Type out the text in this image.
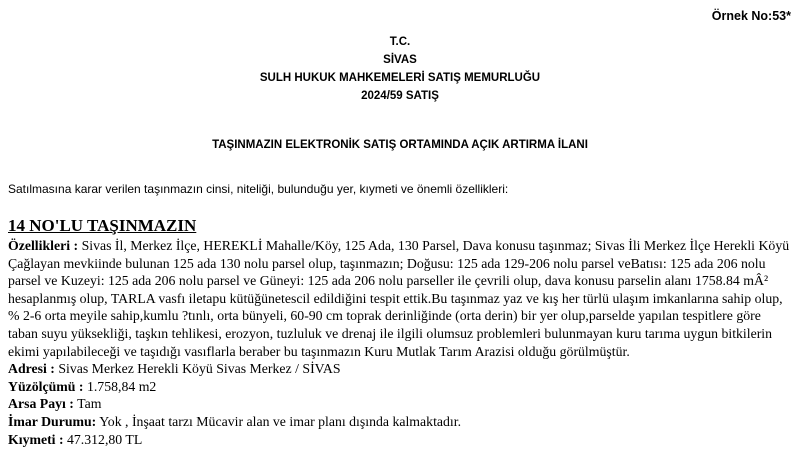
Örnek No:53*
T.C.
SİVAS
SULH HUKUK MAHKEMELERİ SATIŞ MEMURLUĞU
2024/59 SATIŞ
TAŞINMAZIN ELEKTRONİK SATIŞ ORTAMINDA AÇIK ARTIRMA İLANI
Satılmasına karar verilen taşınmazın cinsi, niteliği, bulunduğu yer, kıymeti ve önemli özellikleri:
14 NO'LU TAŞINMAZIN
Özellikleri : Sivas İl, Merkez İlçe, HEREKLİ Mahalle/Köy, 125 Ada, 130 Parsel, Dava konusu taşınmaz; Sivas İli Merkez İlçe Herekli Köyü Çağlayan mevkiinde bulunan 125 ada 130 nolu parsel olup, taşınmazın; Doğusu: 125 ada 129-206 nolu parsel veBatısı: 125 ada 206 nolu parsel ve Kuzeyi: 125 ada 206 nolu parsel ve Güneyi: 125 ada 206 nolu parseller ile çevrili olup, dava konusu parselin alanı 1758.84 mÂ² hesaplanmış olup, TARLA vasfı iletapu kütüğünetescil edildiğini tespit ettik.Bu taşınmaz yaz ve kış her türlü ulaşım imkanlarına sahip olup, % 2-6 orta meyile sahip,kumlu ?tınlı, orta bünyeli, 60-90 cm toprak derinliğinde (orta derin) bir yer olup,parselde yapılan tespitlere göre taban suyu yüksekliği, taşkın tehlikesi, erozyon, tuzluluk ve drenaj ile ilgili olumsuz problemleri bulunmayan kuru tarıma uygun bitkilerin ekimi yapılabileceği ve taşıdığı vasıflarla beraber bu taşınmazın Kuru Mutlak Tarım Arazisi olduğu görülmüştür.
Adresi : Sivas Merkez Herekli Köyü Sivas Merkez / SİVAS
Yüzölçümü : 1.758,84 m2
Arsa Payı : Tam
İmar Durumu: Yok , İnşaat tarzı Mücavir alan ve imar planı dışında kalmaktadır.
Kıymeti : 47.312,80 TL
